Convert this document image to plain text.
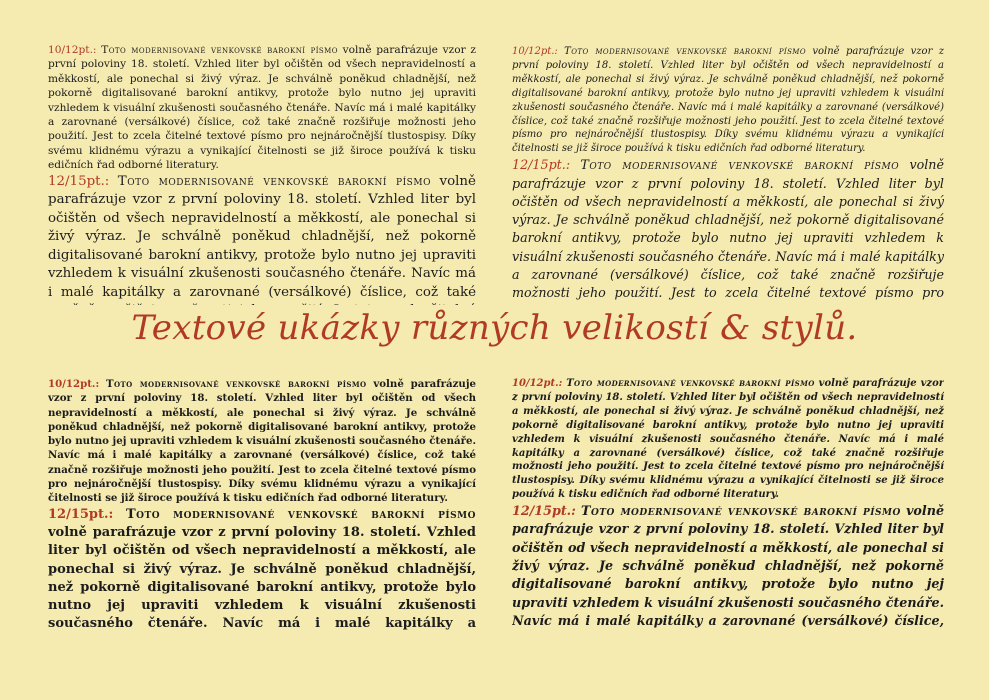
10/12pt.: Toto modernisované venkovské barokní písmo volně parafrázuje vzor z první poloviny 18. století. Vzhled liter byl očištěn od všech nepravidelností a měkkostí, ale ponechal si živý výraz. Je schválně poněkud chladnější, než pokorně digitalisované barokní antikvy, protože bylo nutno jej upraviti vzhledem k visuální zkušenosti současného čtenáře. Navíc má i malé kapitálky a zarovnané (versálkové) číslice, což také značně rozšiřuje možnosti jeho použití. Jest to zcela čitelné textové písmo pro nejnáročnější tlustospisy. Díky svému klidnému výrazu a vynikající čitelnosti se již široce používá k tisku edičních řad odborné literatury.

12/15pt.: Toto modernisované venkovské barokní písmo volně parafrázuje vzor z první poloviny 18. století. Vzhled liter byl očištěn od všech nepravidelností a měkkostí, ale ponechal si živý výraz. Je schválně poněkud chladnější, než pokorně digitalisované barokní antikvy, protože bylo nutno jej upraviti vzhledem k visuální zkušenosti současného čtenáře. Navíc má i malé kapitálky a zarovnané (versálkové) číslice, což také

10/12pt.: Toto modernisované venkovské barokní písmo volně parafrázuje vzor z první poloviny 18. století. Vzhled liter byl očištěn od všech nepravidelností a měkkostí, ale ponechal si živý výraz. Je schválně poněkud chladnější, než pokorně digitalisované barokní antikvy, protože bylo nutno jej upraviti vzhledem k visuální zkušenosti současného čtenáře. Navíc má i malé kapitálky a zarovnané (versálkové) číslice, což také značně rozšiřuje možnosti jeho použití. Jest to zcela čitelné textové písmo pro nejnáročnější tlustospisy. Díky svému klidnému výrazu a vynikající čitelnosti se již široce používá k tisku edičních řad odborné literatury.

12/15pt.: Toto modernisované venkovské barokní písmo volně parafrázuje vzor z první poloviny 18. století. Vzhled liter byl očištěn od všech nepravidelností a měkkostí, ale ponechal si živý výraz. Je schválně poněkud chladnější, než pokorně digitalisované barokní antikvy, protože bylo nutno jej upraviti vzhledem k visuální zkušenosti současného čtenáře. Navíc má i malé kapitálky a zarovnané (versálkové) číslice, což také značně rozšiřuje možnosti jeho použití. Jest to zcela čitelné textové písmo pro

Textové ukázky různých velikostí & stylů.

10/12pt.: Toto modernisované venkovské barokní písmo volně parafrázuje vzor z první poloviny 18. století. Vzhled liter byl očištěn od všech nepravidelností a měkkostí, ale ponechal si živý výraz. Je schválně poněkud chladnější, než pokorně digitalisované barokní antikvy, protože bylo nutno jej upraviti vzhledem k visuální zkušenosti současného čtenáře. Navíc má i malé kapitálky a zarovnané (versálkové) číslice, což také značně rozšiřuje možnosti jeho použití. Jest to zcela čitelné textové písmo pro nejnáročnější tlustospisy. Díky svému klidnému výrazu a vynikající čitelnosti se již široce používá k tisku edičních řad odborné literatury.

12/15pt.: Toto modernisované venkovské barokní písmo volně parafrázuje vzor z první poloviny 18. století. Vzhled liter byl očištěn od všech nepravidelností a měkkostí, ale ponechal si živý výraz. Je schválně poněkud chladnější, než pokorně digitalisované barokní antikvy, protože bylo nutno jej upraviti vzhledem k visuální zkušenosti současného čtenáře. Navíc má i malé kapitálky a

10/12pt.: Toto modernisované venkovské barokní písmo volně parafrázuje vzor z první poloviny 18. století. Vzhled liter byl očištěn od všech nepravidelností a měkkostí, ale ponechal si živý výraz. Je schválně poněkud chladnější, než pokorně digitalisované barokní antikvy, protože bylo nutno jej upraviti vzhledem k visuální zkušenosti současného čtenáře. Navíc má i malé kapitálky a zarovnané (versálkové) číslice, což také značně rozšiřuje možnosti jeho použití. Jest to zcela čitelné textové písmo pro nejnáročnější tlustospisy. Díky svému klidnému výrazu a vynikající čitelnosti se již široce používá k tisku edičních řad odborné literatury.

12/15pt.: Toto modernisované venkovské barokní písmo volně parafrázuje vzor z první poloviny 18. století. Vzhled liter byl očištěn od všech nepravidelností a měkkostí, ale ponechal si živý výraz. Je schválně poněkud chladnější, než pokorně digitalisované barokní antikvy, protože bylo nutno jej upraviti vzhledem k visuální zkušenosti současného čtenáře. Navíc má i malé kapitálky a zarovnané (versálkové) číslice,
